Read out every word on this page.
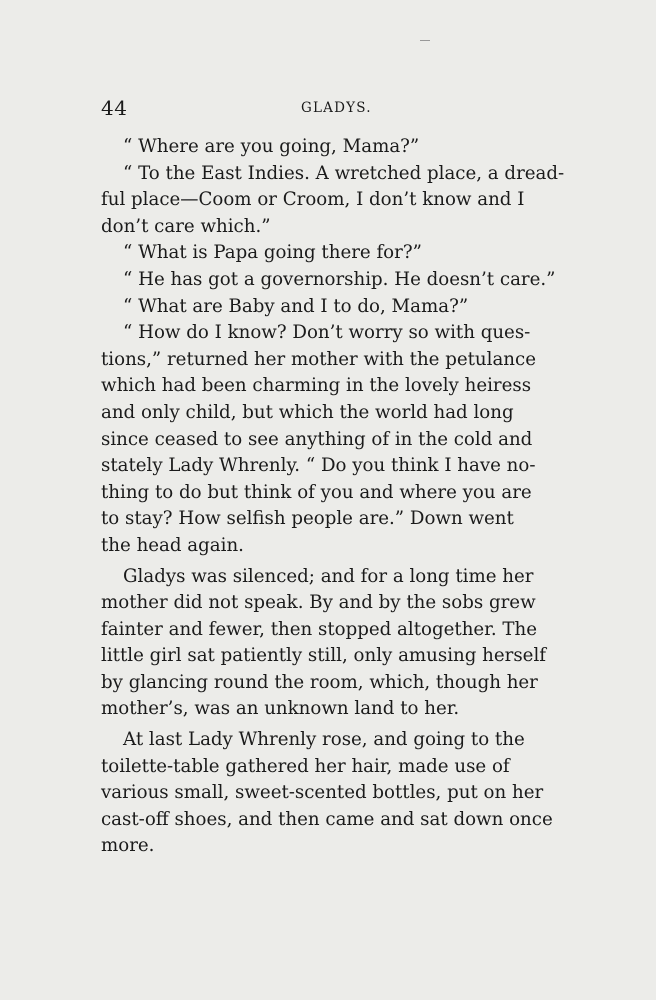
44	GLADYS.
“ Where are you going, Mama?”
“ To the East Indies. A wretched place, a dread-
ful place—Coom or Croom, I don’t know and I
don’t care which.”
“ What is Papa going there for?”
“ He has got a governorship. He doesn’t care.”
“ What are Baby and I to do, Mama?”
“ How do I know? Don’t worry so with ques-
tions,” returned her mother with the petulance
which had been charming in the lovely heiress
and only child, but which the world had long
since ceased to see anything of in the cold and
stately Lady Whrenly. “ Do you think I have no-
thing to do but think of you and where you are
to stay? How selfish people are.” Down went
the head again.
Gladys was silenced; and for a long time her
mother did not speak. By and by the sobs grew
fainter and fewer, then stopped altogether. The
little girl sat patiently still, only amusing herself
by glancing round the room, which, though her
mother’s, was an unknown land to her.
At last Lady Whrenly rose, and going to the
toilette-table gathered her hair, made use of
various small, sweet-scented bottles, put on her
cast-off shoes, and then came and sat down once
more.
